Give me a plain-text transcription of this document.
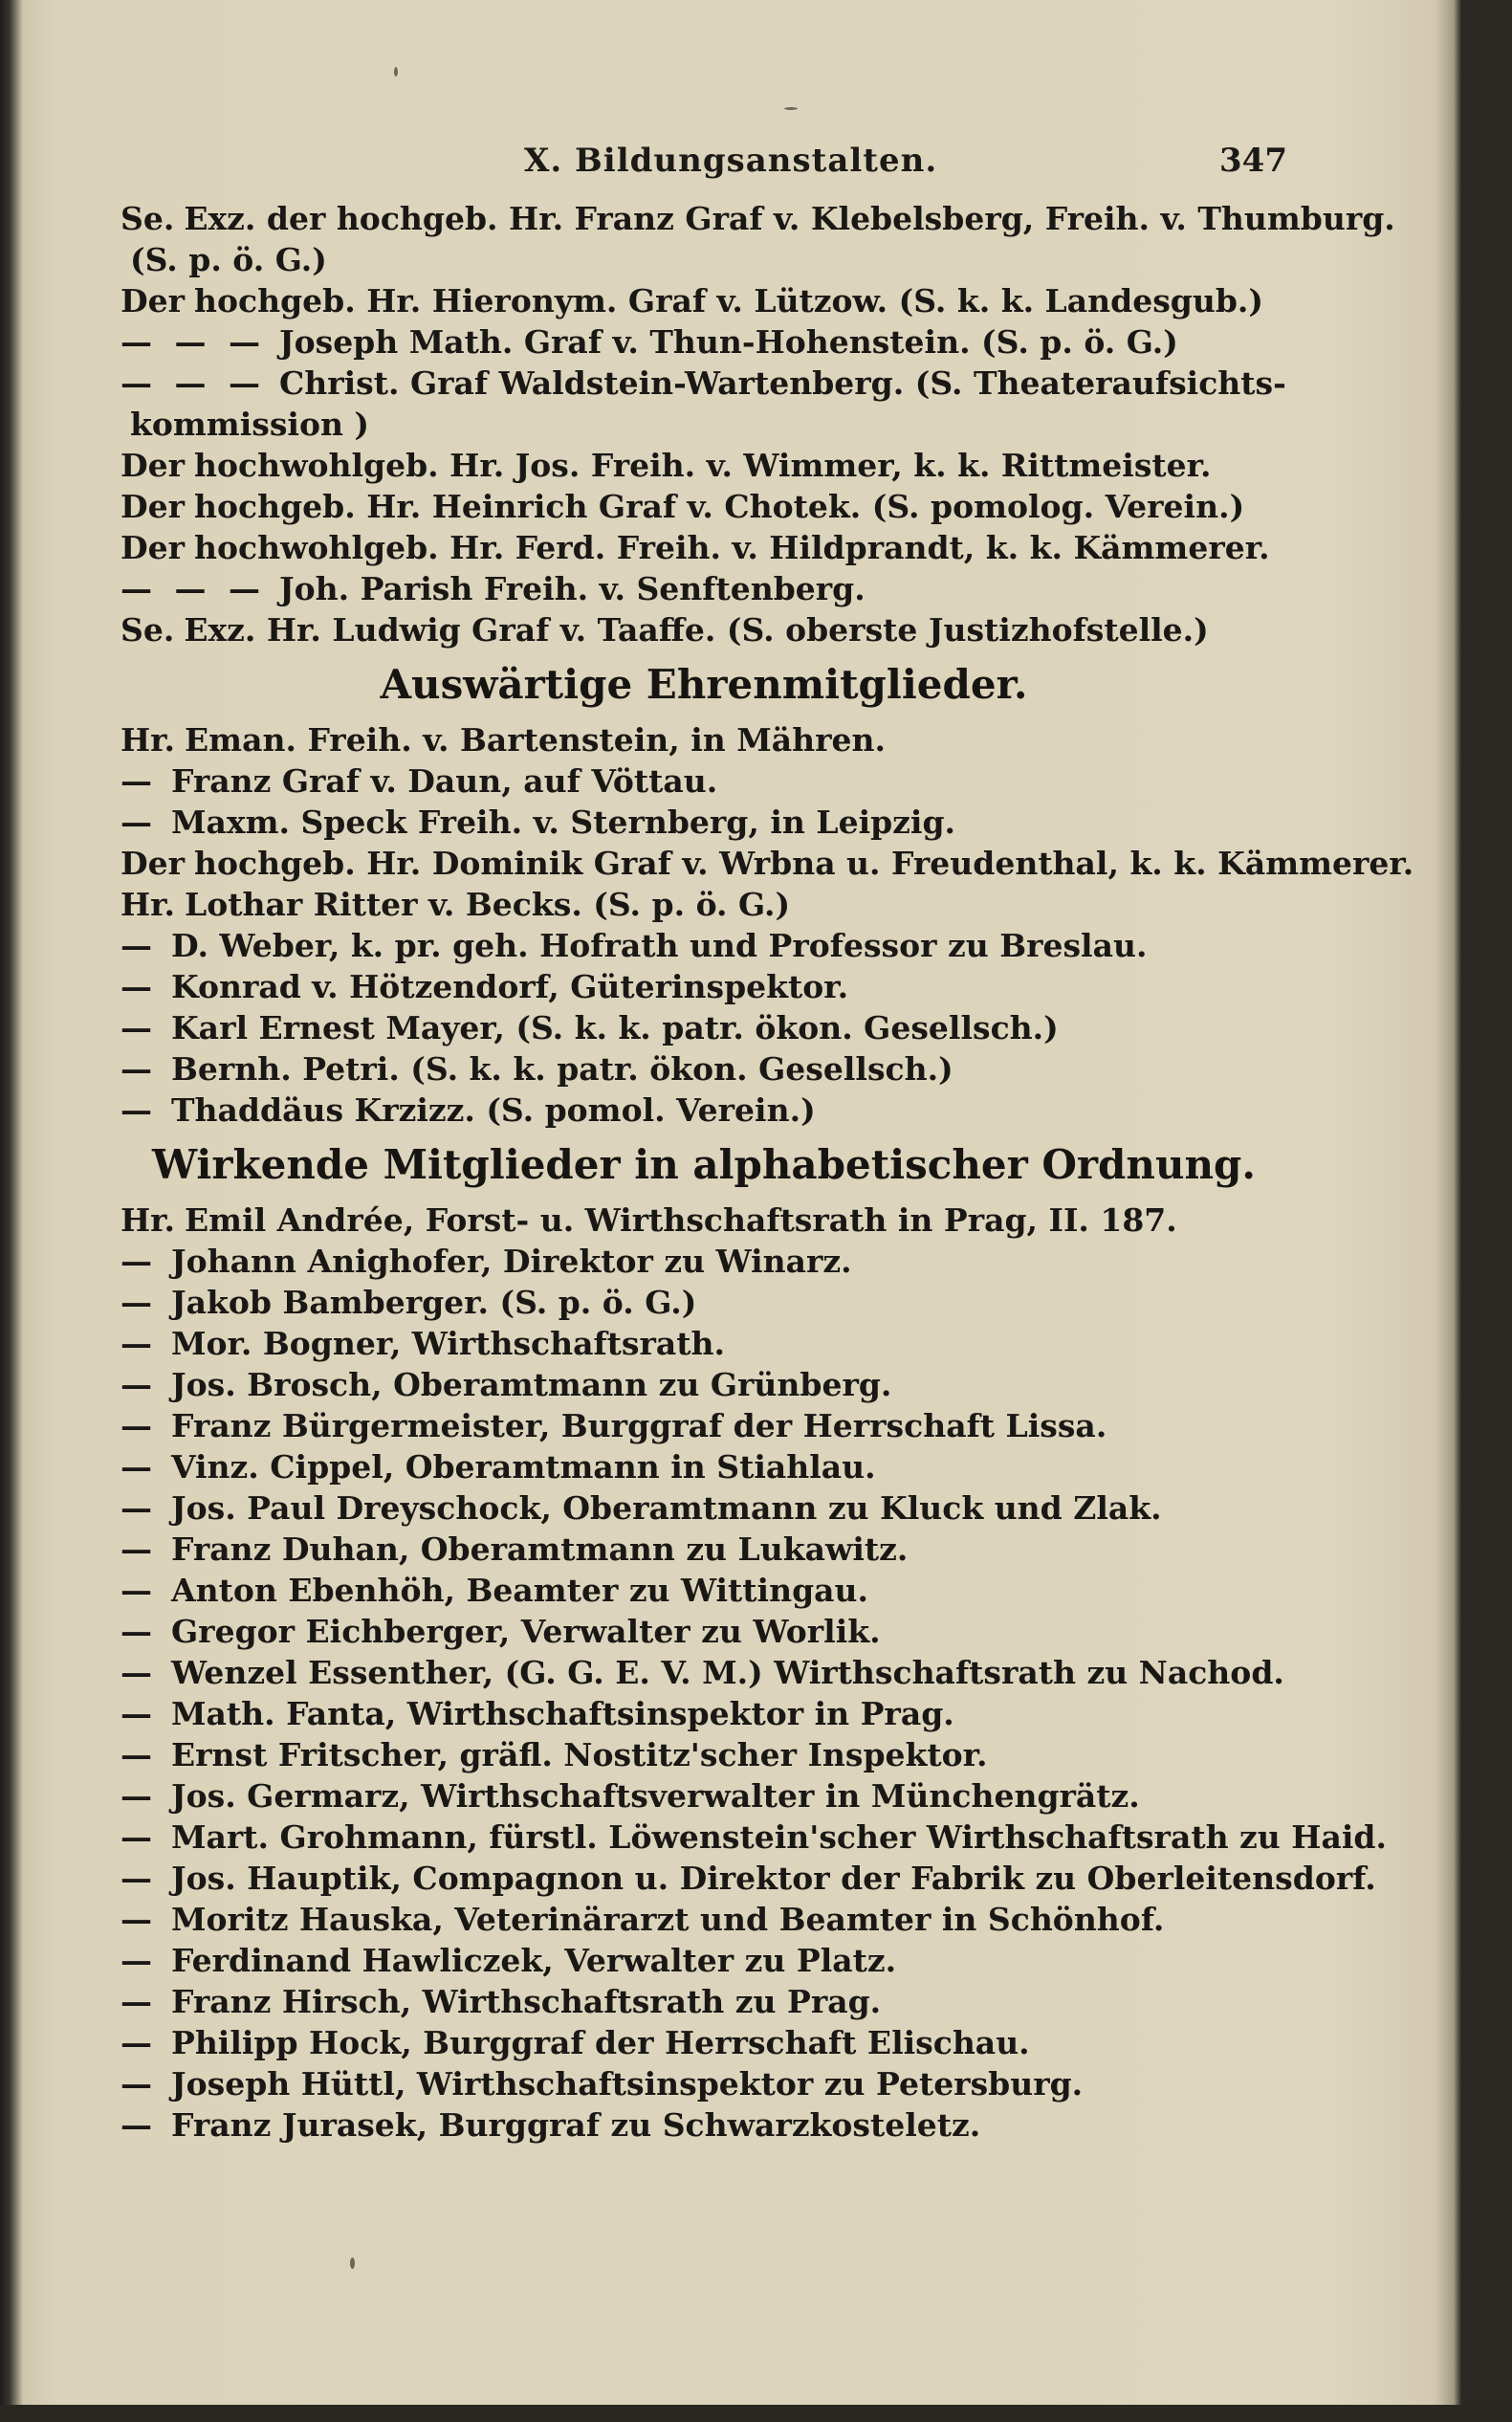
X. Bildungsanstalten.	347
Se. Exz. der hochgeb. Hr. Franz Graf v. Klebelsberg, Freih. v. Thumburg.
(S. p. ö. G.)
Der hochgeb. Hr. Hieronym. Graf v. Lützow. (S. k. k. Landesgub.)
— — — Joseph Math. Graf v. Thun-Hohenstein. (S. p. ö. G.)
— — — Christ. Graf Waldstein-Wartenberg. (S. Theateraufsichts-
kommission )
Der hochwohlgeb. Hr. Jos. Freih. v. Wimmer, k. k. Rittmeister.
Der hochgeb. Hr. Heinrich Graf v. Chotek. (S. pomolog. Verein.)
Der hochwohlgeb. Hr. Ferd. Freih. v. Hildprandt, k. k. Kämmerer.
— — — Joh. Parish Freih. v. Senftenberg.
Se. Exz. Hr. Ludwig Graf v. Taaffe. (S. oberste Justizhofstelle.)
Auswärtige Ehrenmitglieder.
Hr. Eman. Freih. v. Bartenstein, in Mähren.
— Franz Graf v. Daun, auf Vöttau.
— Maxm. Speck Freih. v. Sternberg, in Leipzig.
Der hochgeb. Hr. Dominik Graf v. Wrbna u. Freudenthal, k. k. Kämmerer.
Hr. Lothar Ritter v. Becks. (S. p. ö. G.)
— D. Weber, k. pr. geh. Hofrath und Professor zu Breslau.
— Konrad v. Hötzendorf, Güterinspektor.
— Karl Ernest Mayer, (S. k. k. patr. ökon. Gesellsch.)
— Bernh. Petri. (S. k. k. patr. ökon. Gesellsch.)
— Thaddäus Krzizz. (S. pomol. Verein.)
Wirkende Mitglieder in alphabetischer Ordnung.
Hr. Emil Andrée, Forst- u. Wirthschaftsrath in Prag, II. 187.
— Johann Anighofer, Direktor zu Winarz.
— Jakob Bamberger. (S. p. ö. G.)
— Mor. Bogner, Wirthschaftsrath.
— Jos. Brosch, Oberamtmann zu Grünberg.
— Franz Bürgermeister, Burggraf der Herrschaft Lissa.
— Vinz. Cippel, Oberamtmann in Stiahlau.
— Jos. Paul Dreyschock, Oberamtmann zu Kluck und Zlak.
— Franz Duhan, Oberamtmann zu Lukawitz.
— Anton Ebenhöh, Beamter zu Wittingau.
— Gregor Eichberger, Verwalter zu Worlik.
— Wenzel Essenther, (G. G. E. V. M.) Wirthschaftsrath zu Nachod.
— Math. Fanta, Wirthschaftsinspektor in Prag.
— Ernst Fritscher, gräfl. Nostitz'scher Inspektor.
— Jos. Germarz, Wirthschaftsverwalter in Münchengrätz.
— Mart. Grohmann, fürstl. Löwenstein'scher Wirthschaftsrath zu Haid.
— Jos. Hauptik, Compagnon u. Direktor der Fabrik zu Oberleitensdorf.
— Moritz Hauska, Veterinärarzt und Beamter in Schönhof.
— Ferdinand Hawliczek, Verwalter zu Platz.
— Franz Hirsch, Wirthschaftsrath zu Prag.
— Philipp Hock, Burggraf der Herrschaft Elischau.
— Joseph Hüttl, Wirthschaftsinspektor zu Petersburg.
— Franz Jurasek, Burggraf zu Schwarzkosteletz.
